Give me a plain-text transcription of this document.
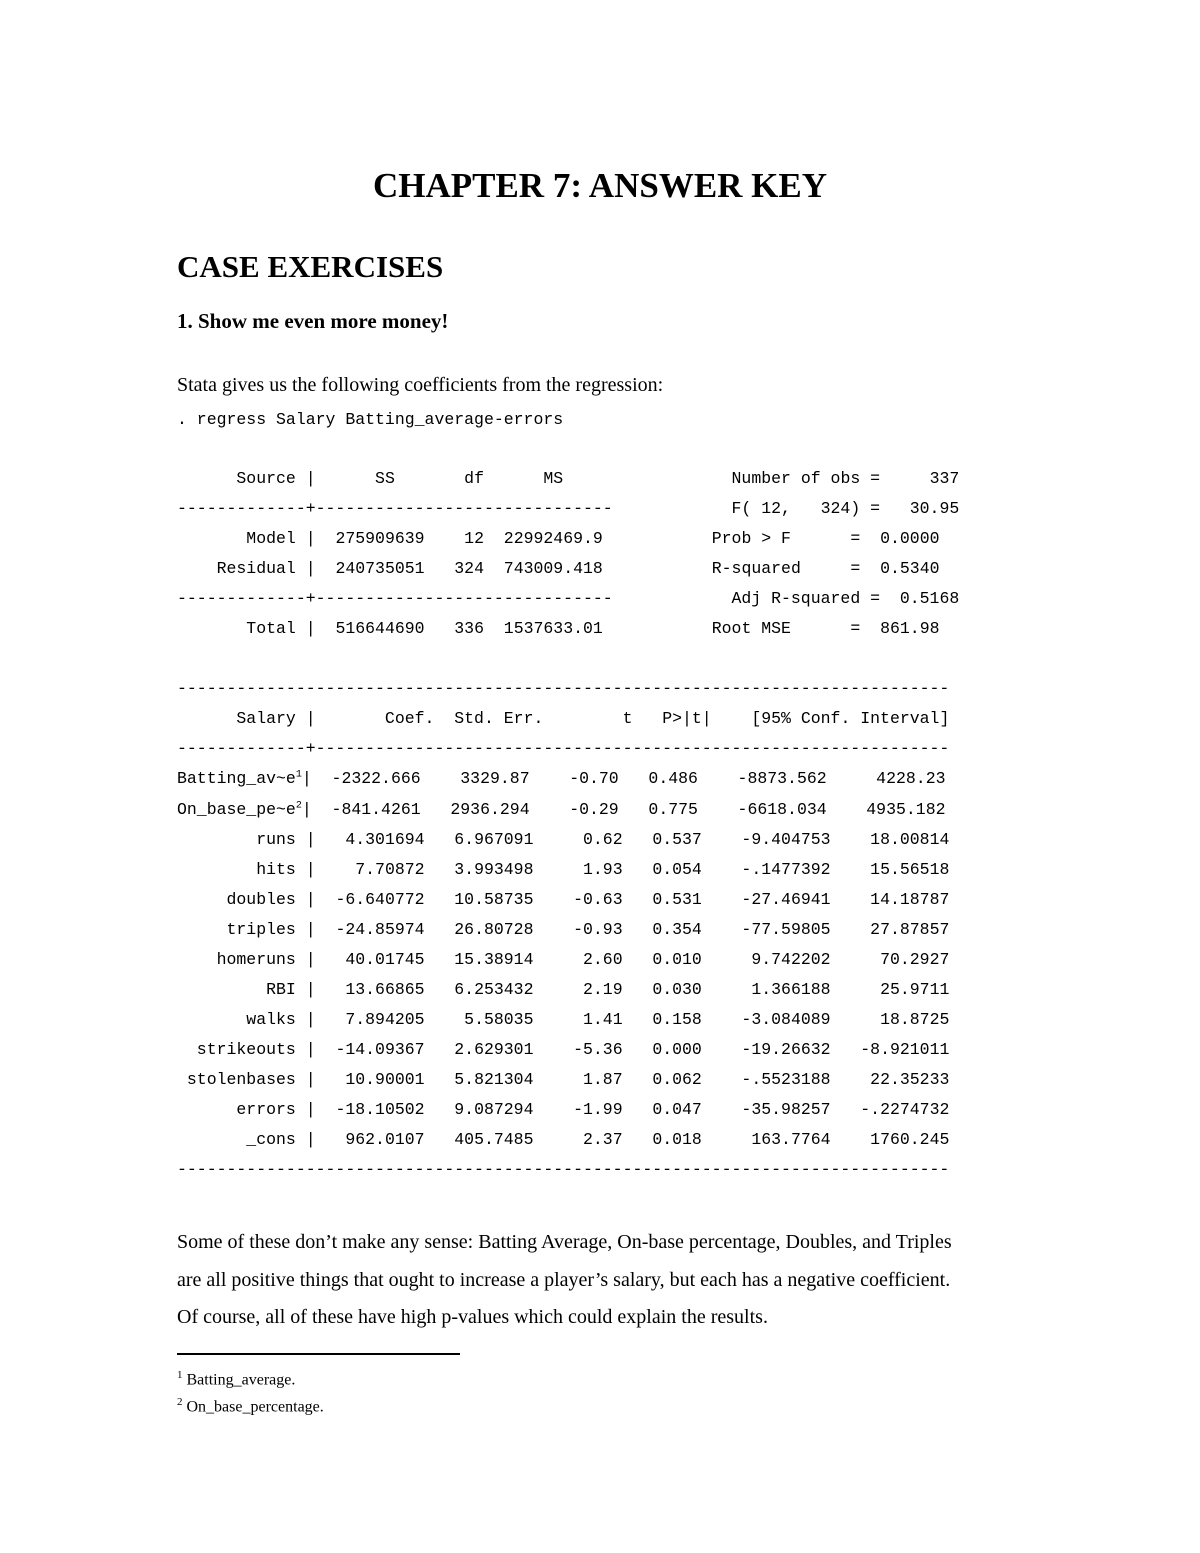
CHAPTER 7: ANSWER KEY
CASE EXERCISES
1. Show me even more money!
Stata gives us the following coefficients from the regression:
. regress Salary Batting_average-errors
Source |      SS       df      MS	Number of obs =     337
-------------+------------------------------	F( 12,   324) =   30.95
Model | 275909639    12 22992469.9	Prob > F      =  0.0000
Residual | 240735051   324 743009.418	R-squared     =  0.5340
-------------+------------------------------	Adj R-squared =  0.5168
Total | 516644690   336 1537633.01	Root MSE      =  861.98

------------------------------------------------------------------------------
Salary |       Coef.  Std. Err.        t   P>|t| [95% Conf. Interval]
-------------+----------------------------------------------------------------
Batting_av~e$^1$|  -2322.666    3329.87    -0.70   0.486    -8873.562     4228.23
On_base_pe~e$^2$|  -841.4261   2936.294    -0.29   0.775    -6618.034    4935.182
runs |   4.301694   6.967091     0.62   0.537    -9.404753    18.00814
hits |    7.70872   3.993498     1.93   0.054    -.1477392    15.56518
doubles |  -6.640772   10.58735    -0.63   0.531    -27.46941    14.18787
triples |  -24.85974   26.80728    -0.93   0.354    -77.59805    27.87857
homeruns |   40.01745   15.38914     2.60   0.010     9.742202     70.2927
RBI |   13.66865   6.253432     2.19   0.030     1.366188     25.9711
walks |   7.894205    5.58035     1.41   0.158    -3.084089     18.8725
strikeouts |  -14.09367   2.629301    -5.36   0.000    -19.26632   -8.921011
stolenbases |   10.90001   5.821304     1.87   0.062    -.5523188    22.35233
errors |  -18.10502   9.087294    -1.99   0.047    -35.98257   -.2274732
_cons |   962.0107   405.7485     2.37   0.018     163.7764    1760.245
------------------------------------------------------------------------------

Some of these don’t make any sense: Batting Average, On-base percentage, Doubles, and Triples

are all positive things that ought to increase a player’s salary, but each has a negative coefficient.

Of course, all of these have high p-values which could explain the results.

$^1$ Batting_average.
$^2$ On_base_percentage.
